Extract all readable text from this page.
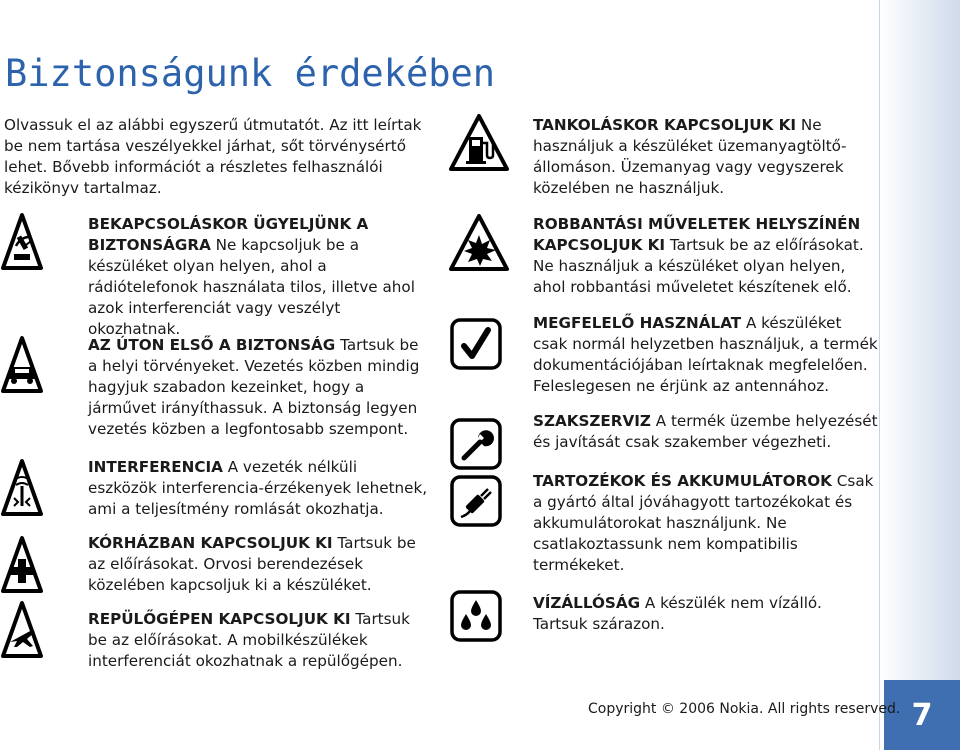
7
Biztonságunk érdekében
Olvassuk el az alábbi egyszerű útmutatót. Az itt leírtak be nem tartása veszélyekkel járhat, sőt törvénysértő lehet. Bővebb információt a részletes felhasználói kézikönyv tartalmaz.
BEKAPCSOLÁSKOR ÜGYELJÜNK A BIZTONSÁGRA Ne kapcsoljuk be a készüléket olyan helyen, ahol a rádiótelefonok használata tilos, illetve ahol azok interferenciát vagy veszélyt okozhatnak.
AZ ÚTON ELSŐ A BIZTONSÁG Tartsuk be a helyi törvényeket. Vezetés közben mindig hagyjuk szabadon kezeinket, hogy a járművet irányíthassuk. A biztonság legyen vezetés közben a legfontosabb szempont.
INTERFERENCIA A vezeték nélküli eszközök interferencia-érzékenyek lehetnek, ami a teljesítmény romlását okozhatja.
KÓRHÁZBAN KAPCSOLJUK KI Tartsuk be az előírásokat. Orvosi berendezések közelében kapcsoljuk ki a készüléket.
REPÜLŐGÉPEN KAPCSOLJUK KI Tartsuk be az előírásokat. A mobilkészülékek interferenciát okozhatnak a repülőgépen.
TANKOLÁSKOR KAPCSOLJUK KI Ne használjuk a készüléket üzemanyagtöltő-állomáson. Üzemanyag vagy vegyszerek közelében ne használjuk.
ROBBANTÁSI MŰVELETEK HELYSZÍNÉN KAPCSOLJUK KI Tartsuk be az előírásokat. Ne használjuk a készüléket olyan helyen, ahol robbantási műveletet készítenek elő.
MEGFELELŐ HASZNÁLAT A készüléket csak normál helyzetben használjuk, a termék dokumentációjában leírtaknak megfelelően. Feleslegesen ne érjünk az antennához.
SZAKSZERVIZ A termék üzembe helyezését és javítását csak szakember végezheti.
TARTOZÉKOK ÉS AKKUMULÁTOROK Csak a gyártó által jóváhagyott tartozékokat és akkumulátorokat használjunk. Ne csatlakoztassunk nem kompatibilis termékeket.
VÍZÁLLÓSÁG A készülék nem vízálló. Tartsuk szárazon.
Copyright © 2006 Nokia. All rights reserved.
